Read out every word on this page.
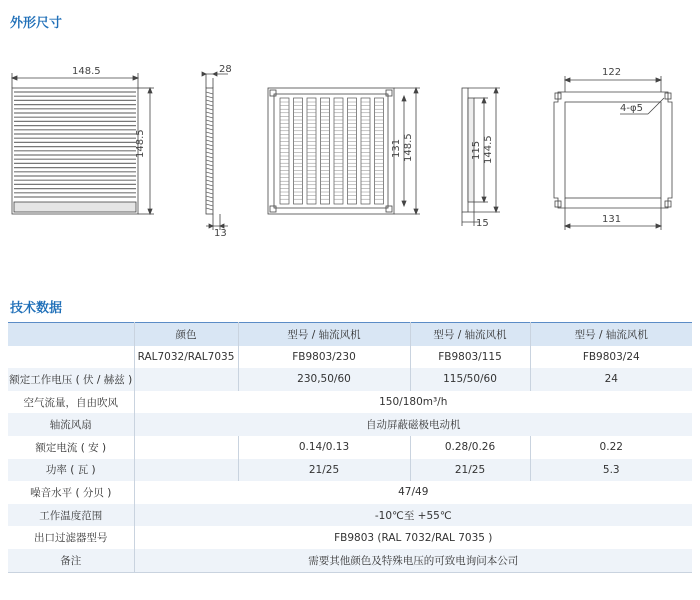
外形尺寸
148.5
148.5
28
13
131 148.5	115 144.5
15
122
4-φ5
131
技术数据
	颜色	型号 / 轴流风机	型号 / 轴流风机	型号 / 轴流风机
	RAL7032/RAL7035	FB9803/230	FB9803/115	FB9803/24
额定工作电压 ( 伏 / 赫兹 )		230,50/60	115/50/60	24
空气流量，自由吹风	150/180m³/h			
轴流风扇	自动屏蔽磁极电动机			
额定电流 ( 安 )		0.14/0.13	0.28/0.26	0.22
功率 ( 瓦 )		21/25	21/25	5.3
噪音水平 ( 分贝 )	47/49			
工作温度范围	-10℃至 +55℃			
出口过滤器型号	FB9803 (RAL 7032/RAL 7035 )			
备注	需要其他颜色及特殊电压的可致电询问本公司			
